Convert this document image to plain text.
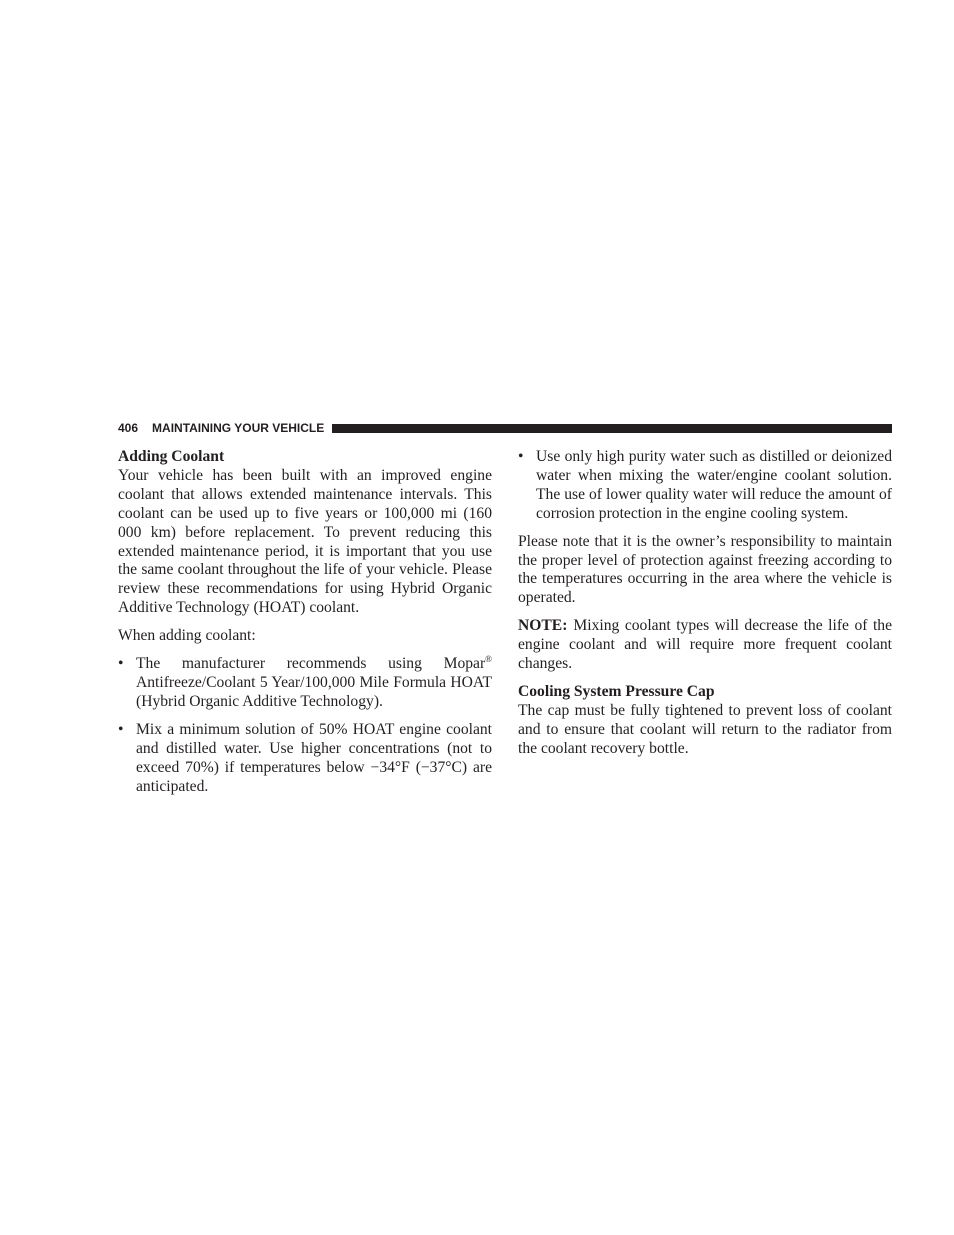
406 MAINTAINING YOUR VEHICLE
Adding Coolant

Your vehicle has been built with an improved engine coolant that allows extended maintenance intervals. This coolant can be used up to five years or 100,000 mi (160 000 km) before replacement. To prevent reducing this extended maintenance period, it is important that you use the same coolant throughout the life of your vehicle. Please review these recommendations for using Hybrid Organic Additive Technology (HOAT) coolant.

When adding coolant:

• The manufacturer recommends using Mopar® Antifreeze/Coolant 5 Year/100,000 Mile Formula HOAT (Hybrid Organic Additive Technology).
• Mix a minimum solution of 50% HOAT engine coolant and distilled water. Use higher concentrations (not to exceed 70%) if temperatures below −34°F (−37°C) are anticipated.
• Use only high purity water such as distilled or deionized water when mixing the water/engine coolant solution. The use of lower quality water will reduce the amount of corrosion protection in the engine cooling system.

Please note that it is the owner’s responsibility to maintain the proper level of protection against freezing according to the temperatures occurring in the area where the vehicle is operated.

NOTE: Mixing coolant types will decrease the life of the engine coolant and will require more frequent coolant changes.

Cooling System Pressure Cap

The cap must be fully tightened to prevent loss of coolant and to ensure that coolant will return to the radiator from the coolant recovery bottle.
